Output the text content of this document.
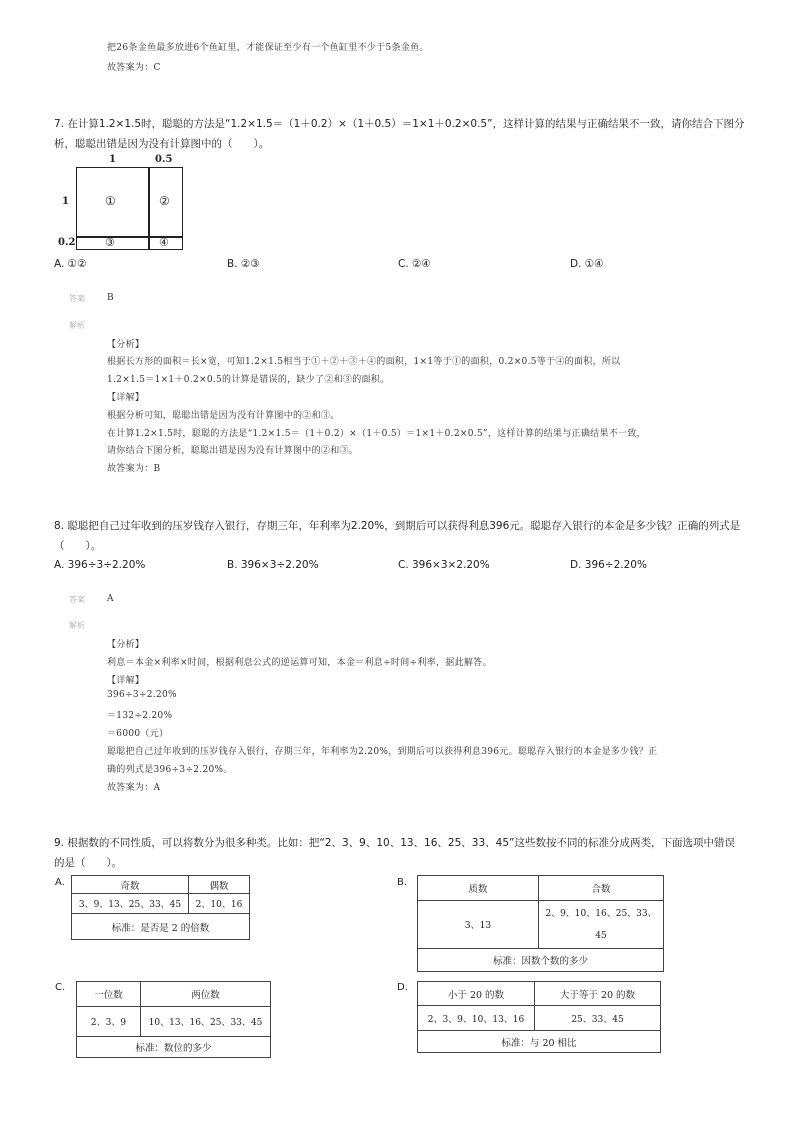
把26条金鱼最多放进6个鱼缸里，才能保证至少有一个鱼缸里不少于5条金鱼。
故答案为：C
7. 在计算1.2×1.5时，聪聪的方法是“1.2×1.5＝（1＋0.2）×（1＋0.5）＝1×1＋0.2×0.5”，这样计算的结果与正确结果不一致，请你结合下图分
析，聪聪出错是因为没有计算图中的（　　）。
1	0.5
1
0.2
①	②
③	④
A. ①②	B. ②③	C. ②④	D. ①④
答案 B
解析
【分析】
根据长方形的面积＝长×宽，可知1.2×1.5相当于①＋②＋③＋④的面积，1×1等于①的面积，0.2×0.5等于④的面积，所以
1.2×1.5＝1×1＋0.2×0.5的计算是错误的，缺少了②和③的面积。
【详解】
根据分析可知，聪聪出错是因为没有计算图中的②和③。
在计算1.2×1.5时，聪聪的方法是“1.2×1.5＝（1＋0.2）×（1＋0.5）＝1×1＋0.2×0.5”，这样计算的结果与正确结果不一致，
请你结合下图分析，聪聪出错是因为没有计算图中的②和③。
故答案为：B
8. 聪聪把自己过年收到的压岁钱存入银行，存期三年，年利率为2.20%，到期后可以获得利息396元。聪聪存入银行的本金是多少钱？正确的列式是
（　　）。
A. 396÷3÷2.20%	B. 396×3÷2.20%	C. 396×3×2.20%	D. 396÷2.20%
答案 A
解析
【分析】
利息＝本金×利率×时间，根据利息公式的逆运算可知，本金＝利息÷时间÷利率，据此解答。
【详解】
396÷3÷2.20%
＝132÷2.20%
＝6000（元）
聪聪把自己过年收到的压岁钱存入银行，存期三年，年利率为2.20%，到期后可以获得利息396元。聪聪存入银行的本金是多少钱？正
确的列式是396÷3÷2.20%。
故答案为：A
9. 根据数的不同性质，可以将数分为很多种类。比如：把“2、3、9、10、13、16、25、33、45”这些数按不同的标准分成两类，下面选项中错误
的是（　　）。
A.	奇数	偶数
3、9、13、25、33、45	2、10、16
标准：是否是 2 的倍数	
B.
质数	合数
3、13	2、9、10、16、25、33、
45

标准：因数个数的多少	
C.
一位数	两位数
2、3、9	10、13、16、25、33、45
标准：数位的多少	
D.
小于 20 的数	大于等于 20 的数
2、3、9、10、13、16	25、33、45
标准：与 20 相比	
